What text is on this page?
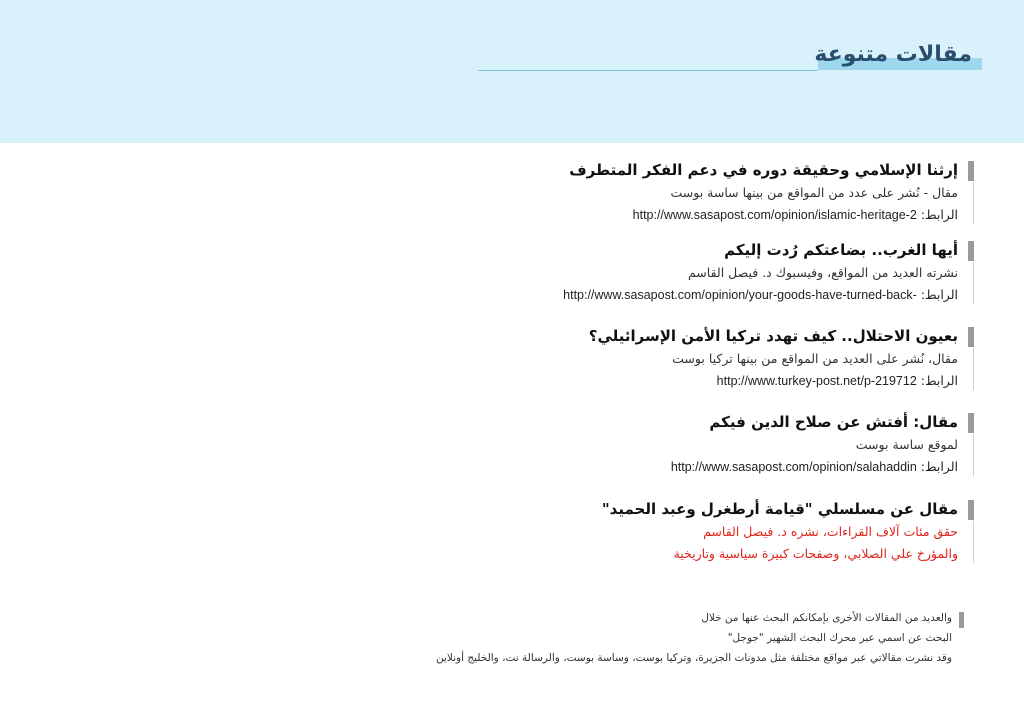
مقالات متنوعة
إرثنا الإسلامي وحقيقة دوره في دعم الفكر المتطرف
مقال - نُشر على عدد من المواقع من بينها ساسة بوست
الرابط: http://www.sasapost.com/opinion/islamic-heritage-2
أيها الغرب.. بضاعتكم رُدت إليكم
نشرته العديد من المواقع، وفيسبوك د. فيصل القاسم
الرابط: http://www.sasapost.com/opinion/your-goods-have-turned-back-
بعيون الاحتلال.. كيف تهدد تركيا الأمن الإسرائيلي؟
مقال، نُشر على العديد من المواقع من بينها تركيا بوست
الرابط: http://www.turkey-post.net/p-219712
مقال: أفتش عن صلاح الدين فيكم
لموقع ساسة بوست
الرابط: http://www.sasapost.com/opinion/salahaddin
مقال عن مسلسلي "قيامة أرطغرل وعبد الحميد"
حقق مئات آلاف القراءات، نشره د. فيصل القاسم
والمؤرخ علي الصلابي، وصفحات كبيرة سياسية وتاريخية
والعديد من المقالات الأخرى بإمكانكم البحث عنها من خلال
البحث عن اسمي عبر محرك البحث الشهير "جوجل"
وقد نشرت مقالاتي عبر مواقع مختلفة مثل مدونات الجزيرة، وتركيا بوست، وساسة بوست، والرسالة نت، والخليج أونلاين
